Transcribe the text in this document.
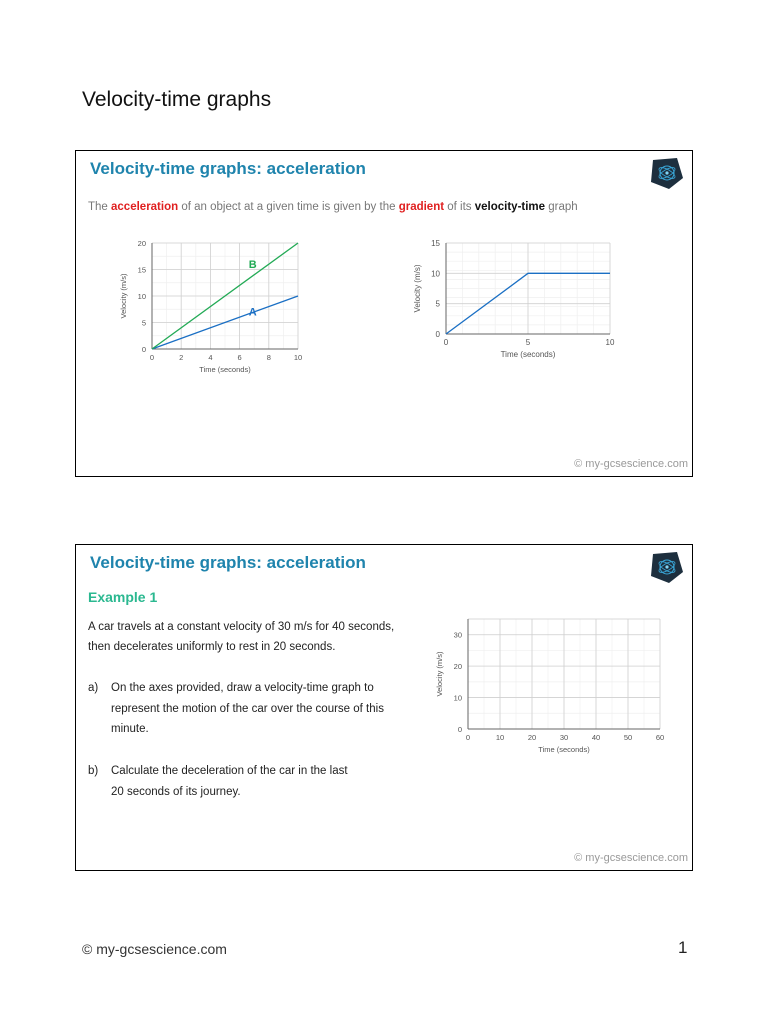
Velocity-time graphs
Velocity-time graphs: acceleration
The acceleration of an object at a given time is given by the gradient of its velocity-time graph
0	2	4	6	8	10
0
5
10
15
20
Time (seconds)
Velocity (m/s)	A
B
0	5	10
0
5
10
15
Time (seconds)
Velocity (m/s)
© my-gcsescience.com
Velocity-time graphs: acceleration
Example 1
A car travels at a constant velocity of 30 m/s for 40 seconds,
then decelerates uniformly to rest in 20 seconds.
a) On the axes provided, draw a velocity-time graph to represent the motion of the car over the course of this minute.
b) Calculate the deceleration of the car in the last 20 seconds of its journey.
0	10	20	30	40	50	60
0
10
20
30
Time (seconds)
Velocity (m/s)
© my-gcsescience.com
© my-gcsescience.com	1
